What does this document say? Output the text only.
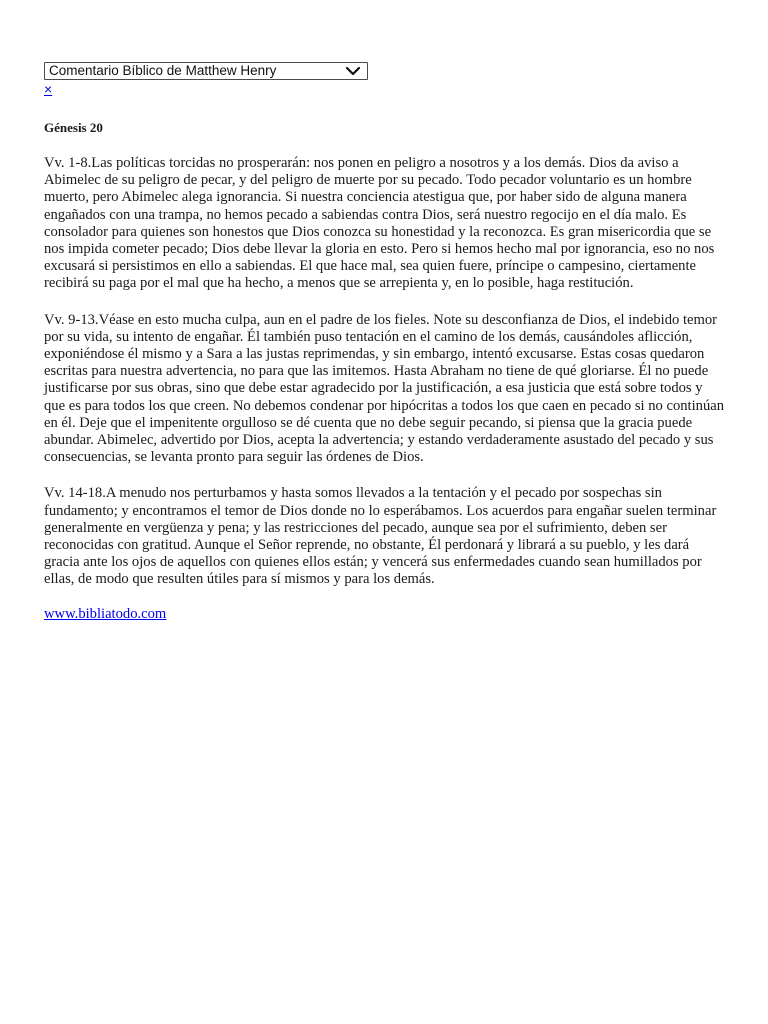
Comentario Bíblico de Matthew Henry
×
Génesis 20

Vv. 1-8.Las políticas torcidas no prosperarán: nos ponen en peligro a nosotros y a los demás. Dios da aviso a Abimelec de su peligro de pecar, y del peligro de muerte por su pecado. Todo pecador voluntario es un hombre muerto, pero Abimelec alega ignorancia. Si nuestra conciencia atestigua que, por haber sido de alguna manera engañados con una trampa, no hemos pecado a sabiendas contra Dios, será nuestro regocijo en el día malo. Es consolador para quienes son honestos que Dios conozca su honestidad y la reconozca. Es gran misericordia que se nos impida cometer pecado; Dios debe llevar la gloria en esto. Pero si hemos hecho mal por ignorancia, eso no nos excusará si persistimos en ello a sabiendas. El que hace mal, sea quien fuere, príncipe o campesino, ciertamente recibirá su paga por el mal que ha hecho, a menos que se arrepienta y, en lo posible, haga restitución.

Vv. 9-13.Véase en esto mucha culpa, aun en el padre de los fieles. Note su desconfianza de Dios, el indebido temor por su vida, su intento de engañar. Él también puso tentación en el camino de los demás, causándoles aflicción, exponiéndose él mismo y a Sara a las justas reprimendas, y sin embargo, intentó excusarse. Estas cosas quedaron escritas para nuestra advertencia, no para que las imitemos. Hasta Abraham no tiene de qué gloriarse. Él no puede justificarse por sus obras, sino que debe estar agradecido por la justificación, a esa justicia que está sobre todos y que es para todos los que creen. No debemos condenar por hipócritas a todos los que caen en pecado si no continúan en él. Deje que el impenitente orgulloso se dé cuenta que no debe seguir pecando, si piensa que la gracia puede abundar. Abimelec, advertido por Dios, acepta la advertencia; y estando verdaderamente asustado del pecado y sus consecuencias, se levanta pronto para seguir las órdenes de Dios.

Vv. 14-18.A menudo nos perturbamos y hasta somos llevados a la tentación y el pecado por sospechas sin fundamento; y encontramos el temor de Dios donde no lo esperábamos. Los acuerdos para engañar suelen terminar generalmente en vergüenza y pena; y las restricciones del pecado, aunque sea por el sufrimiento, deben ser reconocidas con gratitud. Aunque el Señor reprende, no obstante, Él perdonará y librará a su pueblo, y les dará gracia ante los ojos de aquellos con quienes ellos están; y vencerá sus enfermedades cuando sean humillados por ellas, de modo que resulten útiles para sí mismos y para los demás.

www.bibliatodo.com
